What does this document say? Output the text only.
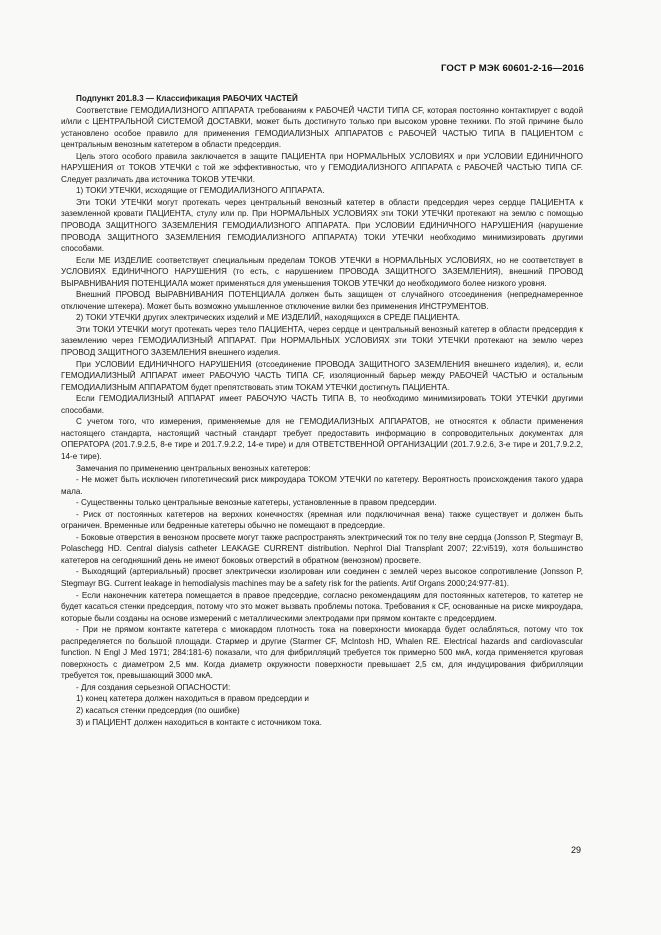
ГОСТ Р МЭК 60601-2-16—2016

Подпункт 201.8.3 — Классификация РАБОЧИХ ЧАСТЕЙ

Соответствие ГЕМОДИАЛИЗНОГО АППАРАТА требованиям к РАБОЧЕЙ ЧАСТИ ТИПА CF, которая постоянно контактирует с водой и/или с ЦЕНТРАЛЬНОЙ СИСТЕМОЙ ДОСТАВКИ, может быть достигнуто только при высоком уровне техники. По этой причине было установлено особое правило для применения ГЕМОДИАЛИЗНЫХ АППАРАТОВ с РАБОЧЕЙ ЧАСТЬЮ ТИПА В ПАЦИЕНТОМ с центральным венозным катетером в области предсердия.

Цель этого особого правила заключается в защите ПАЦИЕНТА при НОРМАЛЬНЫХ УСЛОВИЯХ и при УСЛОВИИ ЕДИНИЧНОГО НАРУШЕНИЯ от ТОКОВ УТЕЧКИ с той же эффективностью, что у ГЕМОДИАЛИЗНОГО АППАРАТА с РАБОЧЕЙ ЧАСТЬЮ ТИПА CF. Следует различать два источника ТОКОВ УТЕЧКИ.

1) ТОКИ УТЕЧКИ, исходящие от ГЕМОДИАЛИЗНОГО АППАРАТА.

Эти ТОКИ УТЕЧКИ могут протекать через центральный венозный катетер в области предсердия через сердце ПАЦИЕНТА к заземленной кровати ПАЦИЕНТА, стулу или пр. При НОРМАЛЬНЫХ УСЛОВИЯХ эти ТОКИ УТЕЧКИ протекают на землю с помощью ПРОВОДА ЗАЩИТНОГО ЗАЗЕМЛЕНИЯ ГЕМОДИАЛИЗНОГО АППАРАТА. При УСЛОВИИ ЕДИНИЧНОГО НАРУШЕНИЯ (нарушение ПРОВОДА ЗАЩИТНОГО ЗАЗЕМЛЕНИЯ ГЕМОДИАЛИЗНОГО АППАРАТА) ТОКИ УТЕЧКИ необходимо минимизировать другими способами.

Если МЕ ИЗДЕЛИЕ соответствует специальным пределам ТОКОВ УТЕЧКИ в НОРМАЛЬНЫХ УСЛОВИЯХ, но не соответствует в УСЛОВИЯХ ЕДИНИЧНОГО НАРУШЕНИЯ (то есть, с нарушением ПРОВОДА ЗАЩИТНОГО ЗАЗЕМЛЕНИЯ), внешний ПРОВОД ВЫРАВНИВАНИЯ ПОТЕНЦИАЛА может применяться для уменьшения ТОКОВ УТЕЧКИ до необходимого более низкого уровня.

Внешний ПРОВОД ВЫРАВНИВАНИЯ ПОТЕНЦИАЛА должен быть защищен от случайного отсоединения (непреднамеренное отключение штекера). Может быть возможно умышленное отключение вилки без применения ИНСТРУМЕНТОВ.

2) ТОКИ УТЕЧКИ других электрических изделий и МЕ ИЗДЕЛИЙ, находящихся в СРЕДЕ ПАЦИЕНТА.

Эти ТОКИ УТЕЧКИ могут протекать через тело ПАЦИЕНТА, через сердце и центральный венозный катетер в области предсердия к заземлению через ГЕМОДИАЛИЗНЫЙ АППАРАТ. При НОРМАЛЬНЫХ УСЛОВИЯХ эти ТОКИ УТЕЧКИ протекают на землю через ПРОВОД ЗАЩИТНОГО ЗАЗЕМЛЕНИЯ внешнего изделия.

При УСЛОВИИ ЕДИНИЧНОГО НАРУШЕНИЯ (отсоединение ПРОВОДА ЗАЩИТНОГО ЗАЗЕМЛЕНИЯ внешнего изделия), и, если ГЕМОДИАЛИЗНЫЙ АППАРАТ имеет РАБОЧУЮ ЧАСТЬ ТИПА CF, изоляционный барьер между РАБОЧЕЙ ЧАСТЬЮ и остальным ГЕМОДИАЛИЗНЫМ АППАРАТОМ будет препятствовать этим ТОКАМ УТЕЧКИ достигнуть ПАЦИЕНТА.

Если ГЕМОДИАЛИЗНЫЙ АППАРАТ имеет РАБОЧУЮ ЧАСТЬ ТИПА В, то необходимо минимизировать ТОКИ УТЕЧКИ другими способами.

С учетом того, что измерения, применяемые для не ГЕМОДИАЛИЗНЫХ АППАРАТОВ, не относятся к области применения настоящего стандарта, настоящий частный стандарт требует предоставить информацию в сопроводительных документах для ОПЕРАТОРА (201.7.9.2.5, 8-е тире и 201.7.9.2.2, 14-е тире) и для ОТВЕТСТВЕННОЙ ОРГАНИЗАЦИИ (201.7.9.2.6, 3-е тире и 201,7.9.2.2, 14-е тире).

Замечания по применению центральных венозных катетеров:

- Не может быть исключен гипотетический риск микроудара ТОКОМ УТЕЧКИ по катетеру. Вероятность происхождения такого удара мала.

- Существенны только центральные венозные катетеры, установленные в правом предсердии.

- Риск от постоянных катетеров на верхних конечностях (яремная или подключичная вена) также существует и должен быть ограничен. Временные или бедренные катетеры обычно не помещают в предсердие.

- Боковые отверстия в венозном просвете могут также распространять электрический ток по телу вне сердца (Jonsson P, Stegmayr B, Polaschegg HD. Central dialysis catheter LEAKAGE CURRENT distribution. Nephrol Dial Transplant 2007; 22:vi519), хотя большинство катетеров на сегодняшний день не имеют боковых отверстий в обратном (венозном) просвете.

- Выходящий (артериальный) просвет электрически изолирован или соединен с землей через высокое сопротивление (Jonsson P, Stegmayr BG. Current leakage in hemodialysis machines may be a safety risk for the patients. Artif Organs 2000;24:977-81).

- Если наконечник катетера помещается в правое предсердие, согласно рекомендациям для постоянных катетеров, то катетер не будет касаться стенки предсердия, потому что это может вызвать проблемы потока. Требования к CF, основанные на риске микроудара, которые были созданы на основе измерений с металлическими электродами при прямом контакте с предсердием.

- При не прямом контакте катетера с миокардом плотность тока на поверхности миокарда будет ослабляться, потому что ток распределяется по большой площади. Стармер и другие (Starmer CF, McIntosh HD, Whalen RE. Electrical hazards and cardiovascular function. N Engl J Med 1971; 284:181-6) показали, что для фибрилляций требуется ток примерно 500 мкА, когда применяется круговая поверхность с диаметром 2,5 мм. Когда диаметр окружности поверхности превышает 2,5 см, для индуцирования фибрилляции требуется ток, превышающий 3000 мкА.

- Для создания серьезной ОПАСНОСТИ:

1) конец катетера должен находиться в правом предсердии и

2) касаться стенки предсердия (по ошибке)

3) и ПАЦИЕНТ должен находиться в контакте с источником тока.

29
